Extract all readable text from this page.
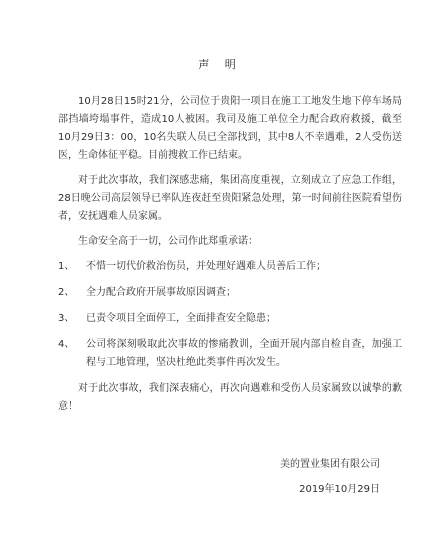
声 明

10月28日15时21分，公司位于贵阳一项目在施工工地发生地下停车场局部挡墙垮塌事件，造成10人被困。我司及施工单位全力配合政府救援，截至10月29日3：00，10名失联人员已全部找到，其中8人不幸遇难，2人受伤送医，生命体征平稳。目前搜救工作已结束。

对于此次事故，我们深感悲痛，集团高度重视，立刻成立了应急工作组，28日晚公司高层领导已率队连夜赶至贵阳紧急处理，第一时间前往医院看望伤者，安抚遇难人员家属。

生命安全高于一切，公司作此郑重承诺：

1、	不惜一切代价救治伤员，并处理好遇难人员善后工作；
2、	全力配合政府开展事故原因调查；
3、	已责令项目全面停工，全面排查安全隐患；
4、	公司将深刻吸取此次事故的惨痛教训，全面开展内部自检自查，加强工程与工地管理，坚决杜绝此类事件再次发生。

对于此次事故，我们深表痛心，再次向遇难和受伤人员家属致以诚挚的歉意！

美的置业集团有限公司
2019年10月29日
